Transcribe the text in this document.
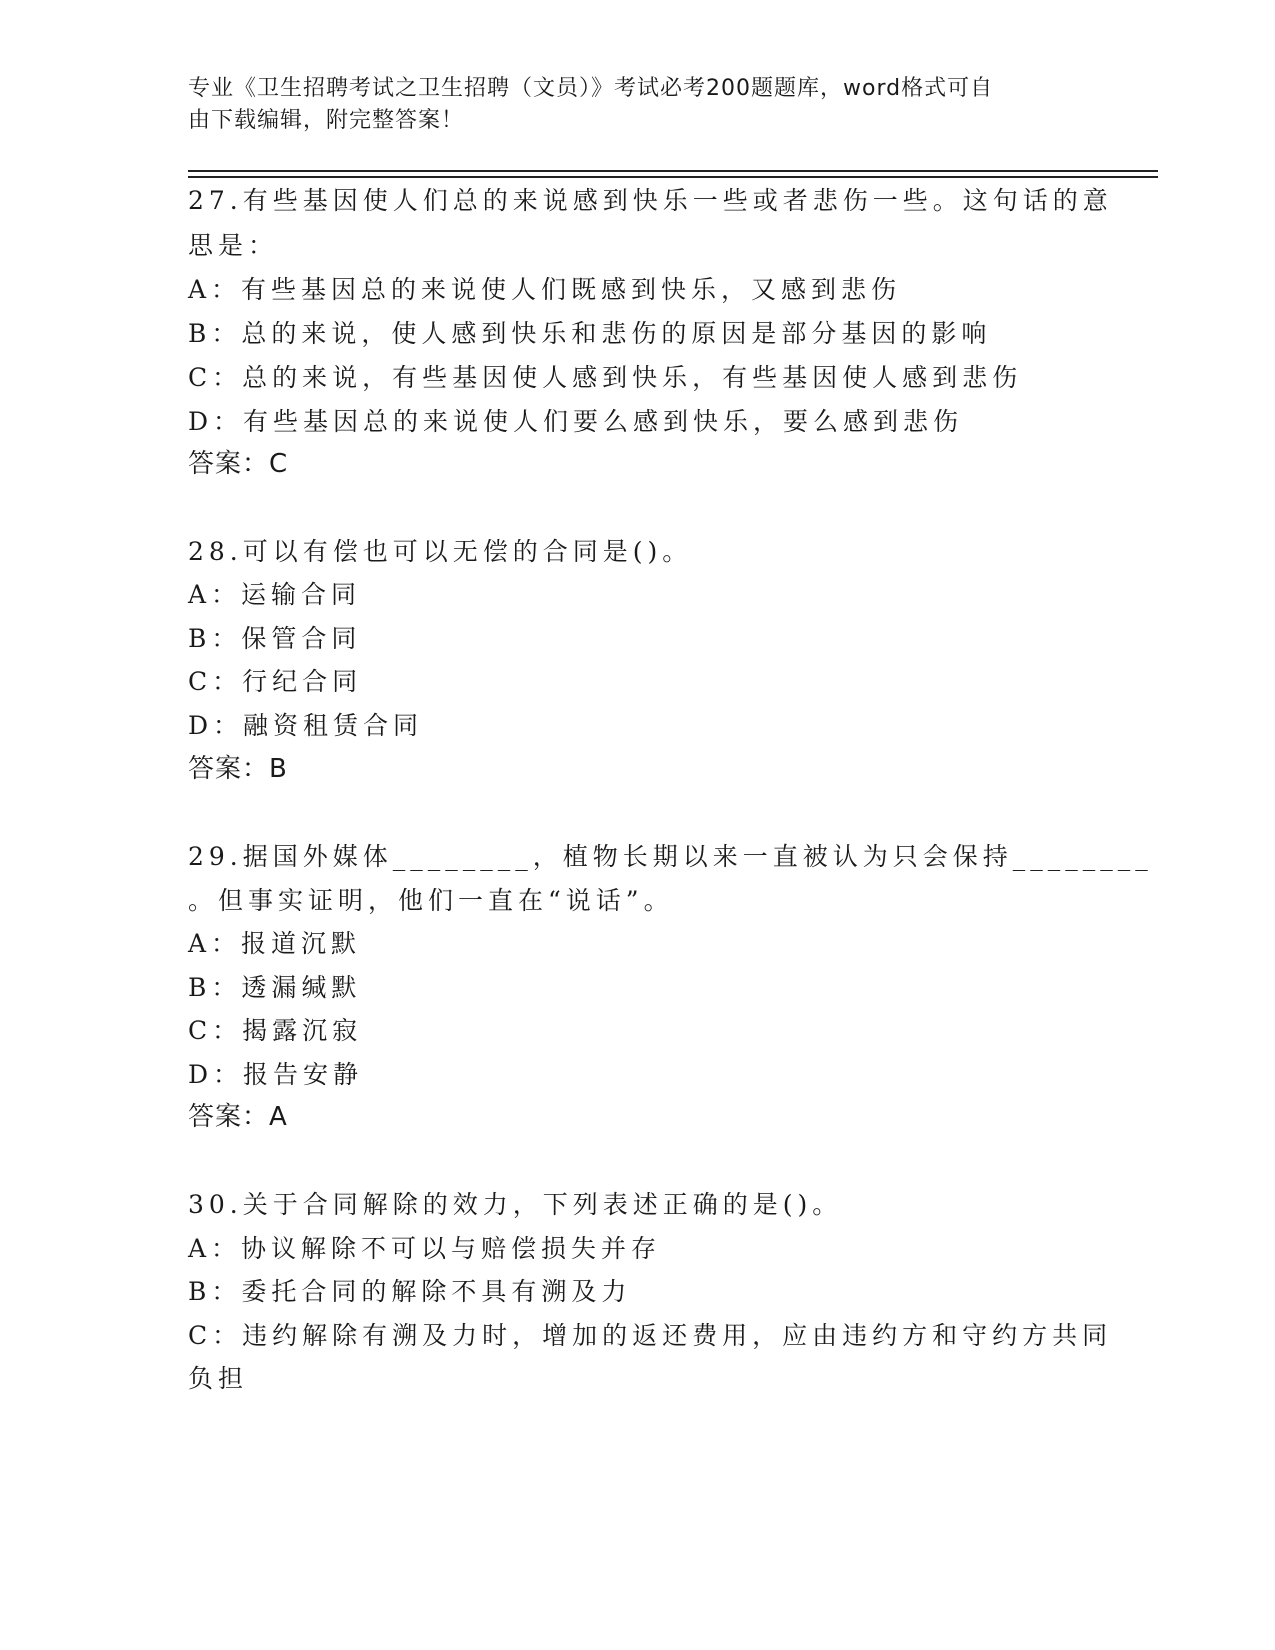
专业《卫生招聘考试之卫生招聘（文员）》考试必考200题题库，word格式可自
由下载编辑，附完整答案！
27.有些基因使人们总的来说感到快乐一些或者悲伤一些。这句话的意
思是：
A：有些基因总的来说使人们既感到快乐，又感到悲伤
B：总的来说，使人感到快乐和悲伤的原因是部分基因的影响
C：总的来说，有些基因使人感到快乐，有些基因使人感到悲伤
D：有些基因总的来说使人们要么感到快乐，要么感到悲伤
答案：C
28.可以有偿也可以无偿的合同是()。
A：运输合同
B：保管合同
C：行纪合同
D：融资租赁合同
答案：B
29.据国外媒体________，植物长期以来一直被认为只会保持________
。但事实证明，他们一直在“说话”。
A：报道沉默
B：透漏缄默
C：揭露沉寂
D：报告安静
答案：A
30.关于合同解除的效力，下列表述正确的是()。
A：协议解除不可以与赔偿损失并存
B：委托合同的解除不具有溯及力
C：违约解除有溯及力时，增加的返还费用，应由违约方和守约方共同
负担
